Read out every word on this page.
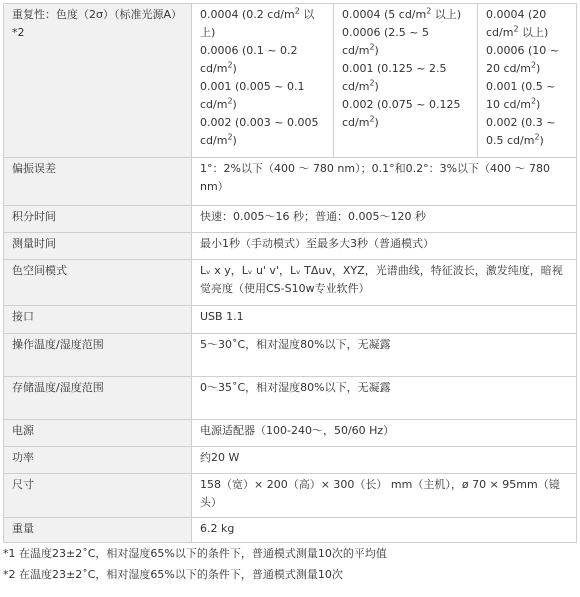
重复性：色度（2σ）（标准光源A）*2	0.0004 (0.2 $cd/m^2$ 以上)
0.0006 (0.1 ~ 0.2 $cd/m^2$)
0.001 (0.005 ~ 0.1 $cd/m^2$)
0.002 (0.003 ~ 0.005 $cd/m^2$)	0.0004 (5 $cd/m^2$ 以上)
0.0006 (2.5 ~ 5 $cd/m^2$)
0.001 (0.125 ~ 2.5 $cd/m^2$)
0.002 (0.075 ~ 0.125 $cd/m^2$)	0.0004 (20 $cd/m^2$ 以上)
0.0006 (10 ~ 20 $cd/m^2$)
0.001 (0.5 ~ 10 $cd/m^2$)
0.002 (0.3 ~ 0.5 $cd/m^2$)

偏振误差	1°：2%以下（400 ～ 780 nm）；0.1°和0.2°：3%以下（400 ～ 780 nm）		
积分时间	快速：0.005～16 秒；普通：0.005～120 秒		
测量时间	最小1秒（手动模式）至最多大3秒（普通模式）		
色空间模式	Lᵥ x y，Lᵥ u' v'，Lᵥ TΔuv，XYZ，光谱曲线，特征波长，激发纯度，暗视觉亮度（使用CS-S10w专业软件）		
接口	USB 1.1		
操作温度/湿度范围	5～30˚C，相对湿度80%以下，无凝露		
存储温度/湿度范围	0～35˚C，相对湿度80%以下，无凝露		
电源	电源适配器（100-240～，50/60 Hz）		
功率	约20 W		
尺寸	158（宽）× 200（高）× 300（长） mm（主机），ø 70 × 95mm（镜头）		
重量	6.2 kg		
*1 在温度23±2˚C，相对湿度65%以下的条件下，普通模式测量10次的平均值
*2 在温度23±2˚C，相对湿度65%以下的条件下，普通模式测量10次
